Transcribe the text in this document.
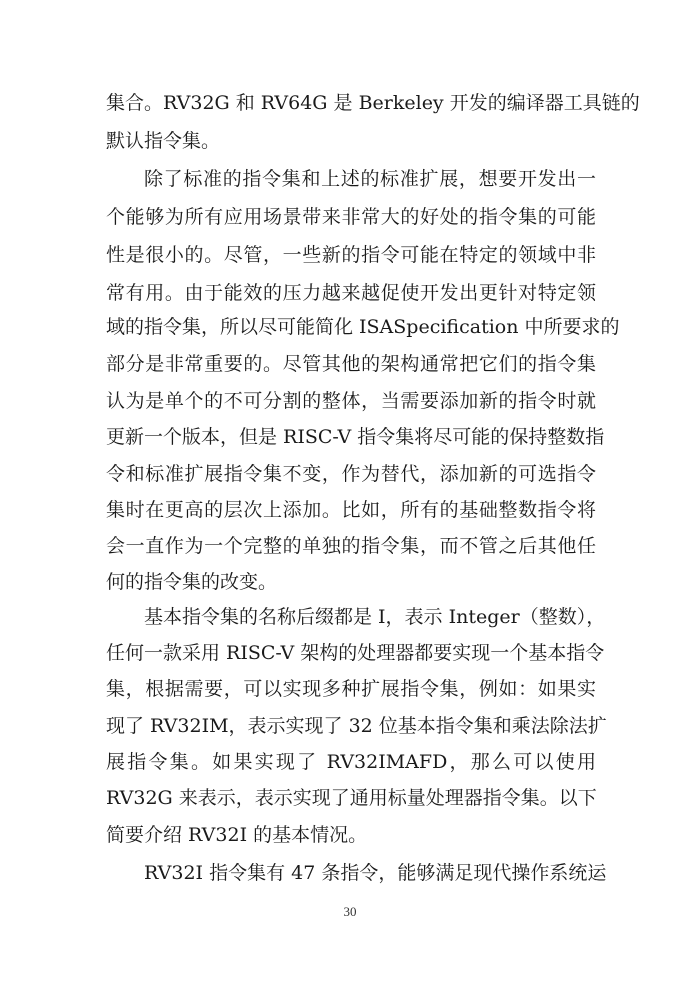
集合。RV32G 和 RV64G 是 Berkeley 开发的编译器工具链的
默认指令集。
除了标准的指令集和上述的标准扩展，想要开发出一
个能够为所有应用场景带来非常大的好处的指令集的可能
性是很小的。尽管，一些新的指令可能在特定的领域中非
常有用。由于能效的压力越来越促使开发出更针对特定领
域的指令集，所以尽可能简化 ISASpecification 中所要求的
部分是非常重要的。尽管其他的架构通常把它们的指令集
认为是单个的不可分割的整体，当需要添加新的指令时就
更新一个版本，但是 RISC-V 指令集将尽可能的保持整数指
令和标准扩展指令集不变，作为替代，添加新的可选指令
集时在更高的层次上添加。比如，所有的基础整数指令将
会一直作为一个完整的单独的指令集，而不管之后其他任
何的指令集的改变。
基本指令集的名称后缀都是 I，表示 Integer（整数），
任何一款采用 RISC-V 架构的处理器都要实现一个基本指令
集，根据需要，可以实现多种扩展指令集，例如：如果实
现了 RV32IM，表示实现了 32 位基本指令集和乘法除法扩
展指令集。如果实现了 RV32IMAFD，那么可以使用
RV32G 来表示，表示实现了通用标量处理器指令集。以下
简要介绍 RV32I 的基本情况。
RV32I 指令集有 47 条指令，能够满足现代操作系统运
30
